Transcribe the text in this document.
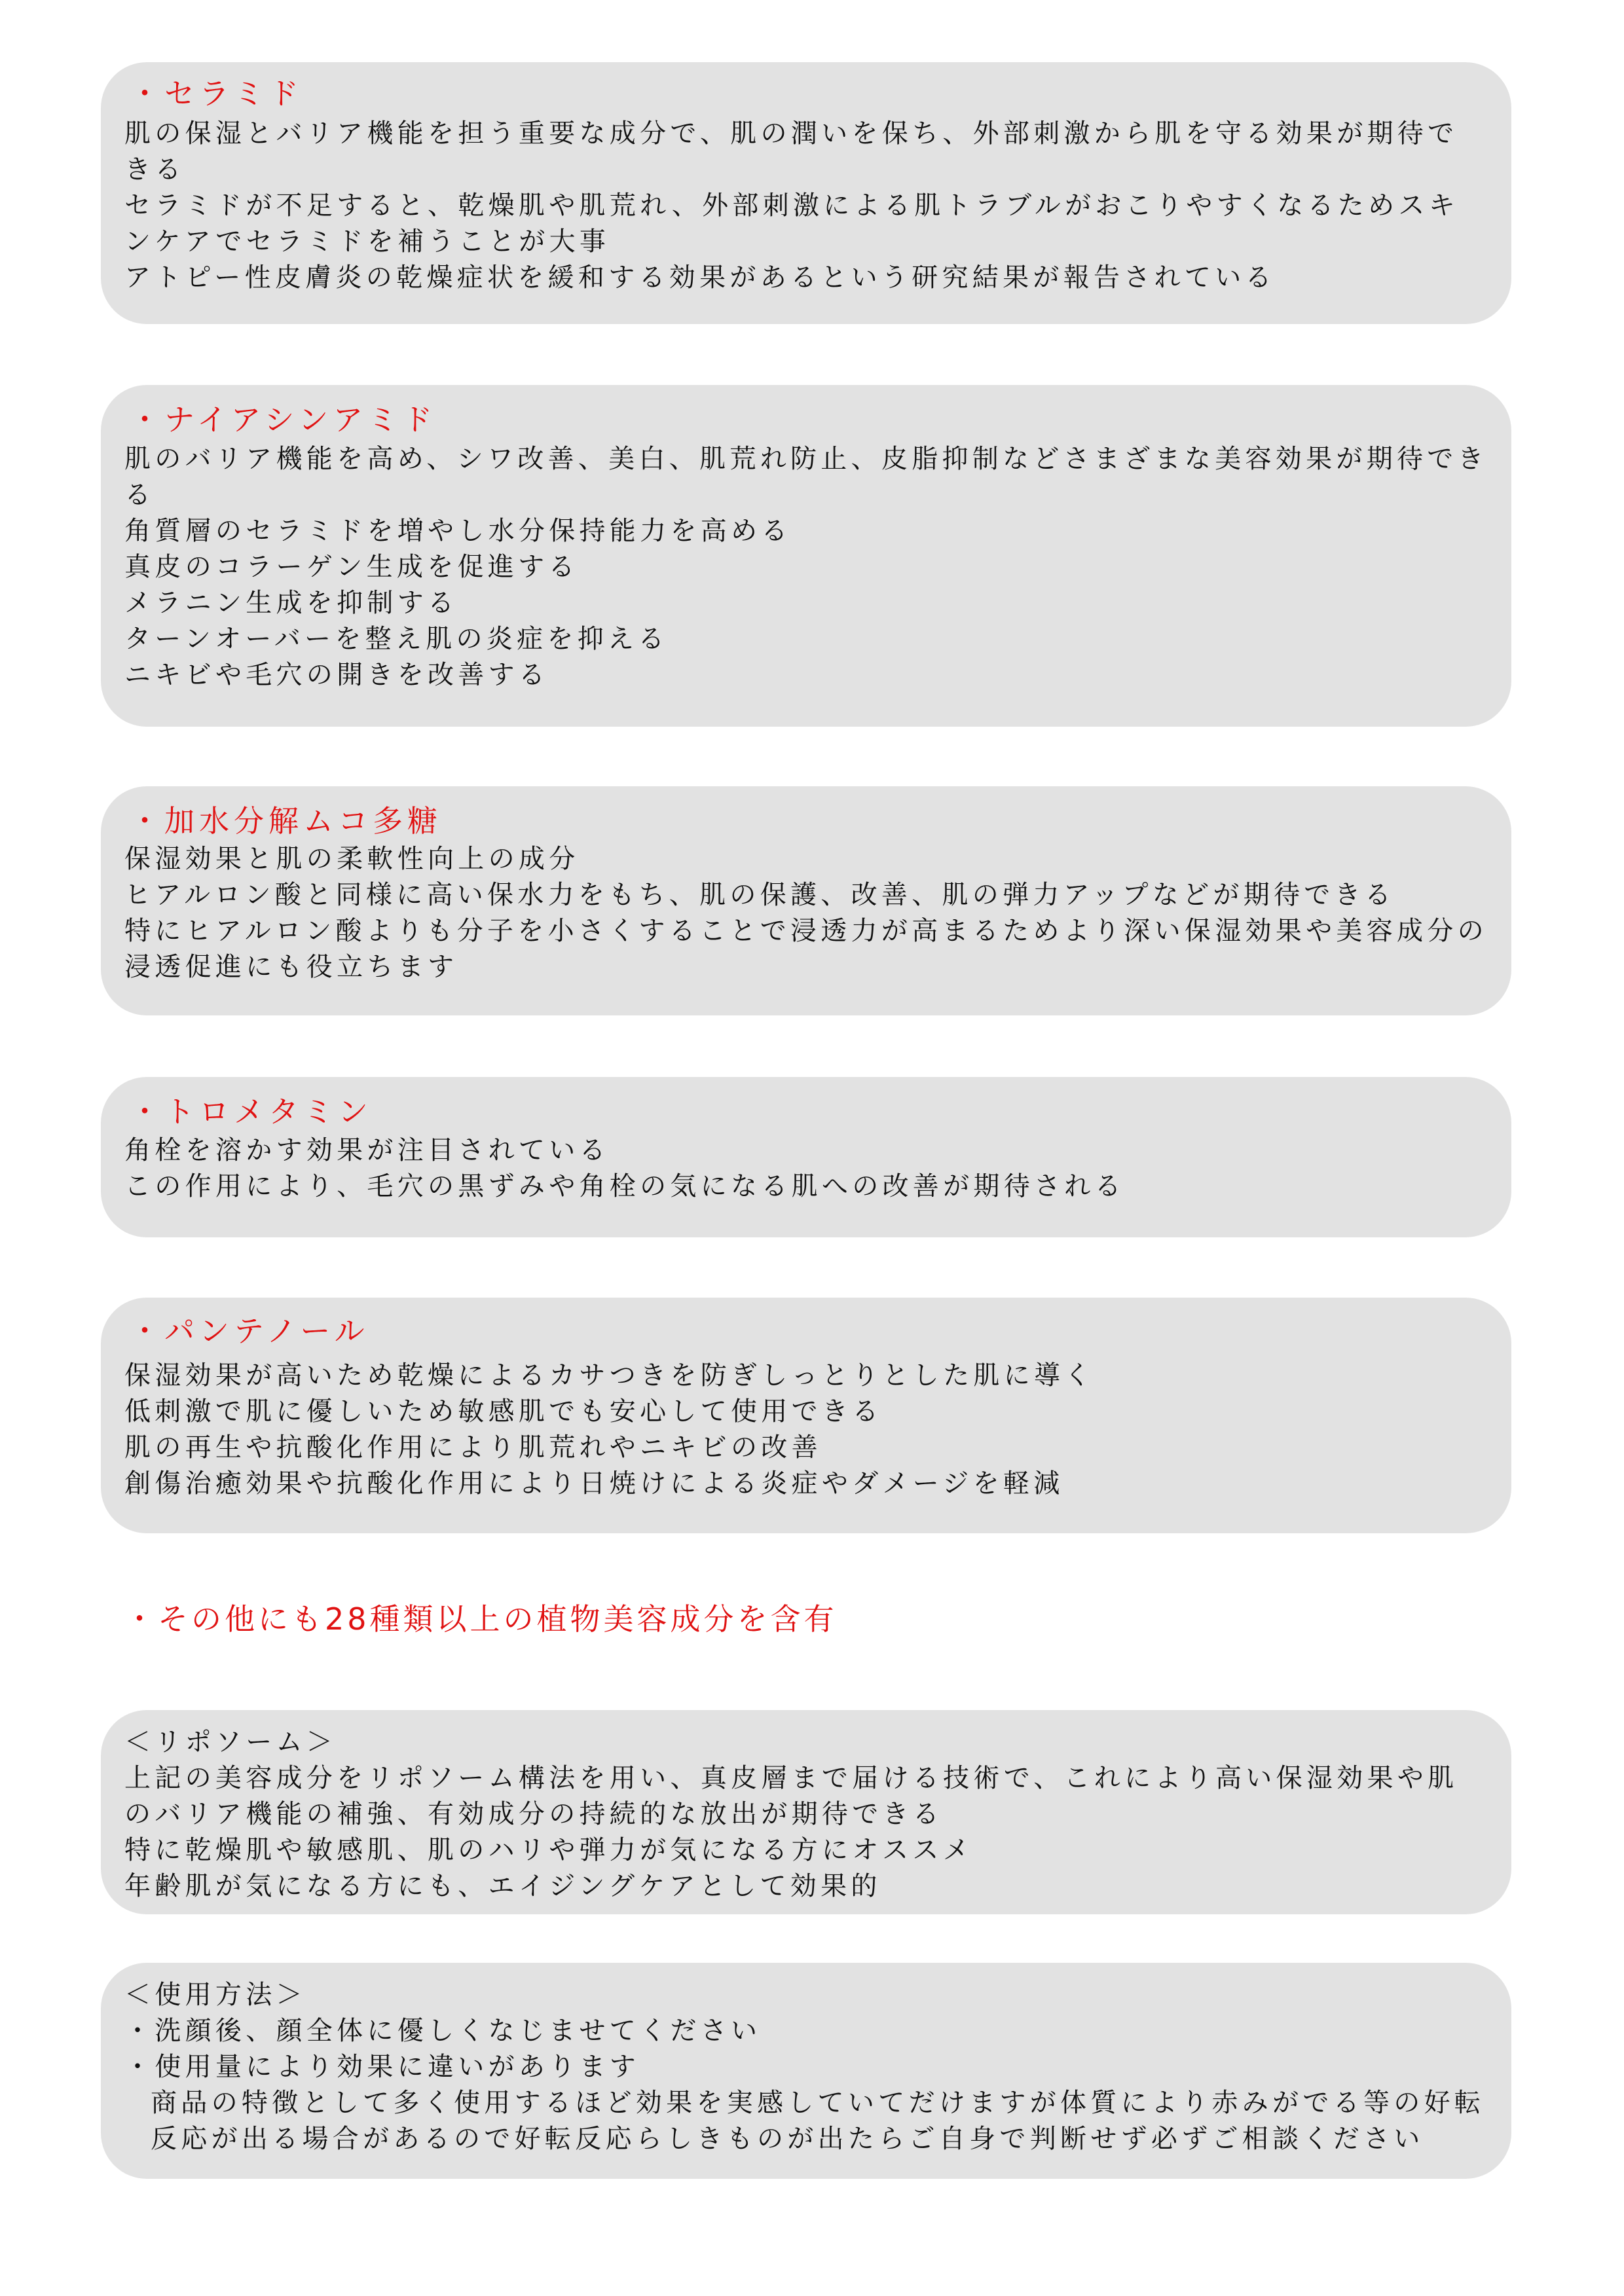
・セラミド
肌の保湿とバリア機能を担う重要な成分で、肌の潤いを保ち、外部刺激から肌を守る効果が期待できる
セラミドが不足すると、乾燥肌や肌荒れ、外部刺激による肌トラブルがおこりやすくなるためスキンケアでセラミドを補うことが大事
アトピー性皮膚炎の乾燥症状を緩和する効果があるという研究結果が報告されている
・ナイアシンアミド
肌のバリア機能を高め、シワ改善、美白、肌荒れ防止、皮脂抑制などさまざまな美容効果が期待できる
角質層のセラミドを増やし水分保持能力を高める
真皮のコラーゲン生成を促進する
メラニン生成を抑制する
ターンオーバーを整え肌の炎症を抑える
ニキビや毛穴の開きを改善する
・加水分解ムコ多糖
保湿効果と肌の柔軟性向上の成分
ヒアルロン酸と同様に高い保水力をもち、肌の保護、改善、肌の弾力アップなどが期待できる
特にヒアルロン酸よりも分子を小さくすることで浸透力が高まるためより深い保湿効果や美容成分の浸透促進にも役立ちます
・トロメタミン
角栓を溶かす効果が注目されている
この作用により、毛穴の黒ずみや角栓の気になる肌への改善が期待される
・パンテノール
保湿効果が高いため乾燥によるカサつきを防ぎしっとりとした肌に導く
低刺激で肌に優しいため敏感肌でも安心して使用できる
肌の再生や抗酸化作用により肌荒れやニキビの改善
創傷治癒効果や抗酸化作用により日焼けによる炎症やダメージを軽減
・その他にも28種類以上の植物美容成分を含有
＜リポソーム＞
上記の美容成分をリポソーム構法を用い、真皮層まで届ける技術で、これにより高い保湿効果や肌のバリア機能の補強、有効成分の持続的な放出が期待できる
特に乾燥肌や敏感肌、肌のハリや弾力が気になる方にオススメ
年齢肌が気になる方にも、エイジングケアとして効果的
＜使用方法＞
・洗顔後、顔全体に優しくなじませてください
・使用量により効果に違いがあります
商品の特徴として多く使用するほど効果を実感していてだけますが体質により赤みがでる等の好転反応が出る場合があるので好転反応らしきものが出たらご自身で判断せず必ずご相談ください
